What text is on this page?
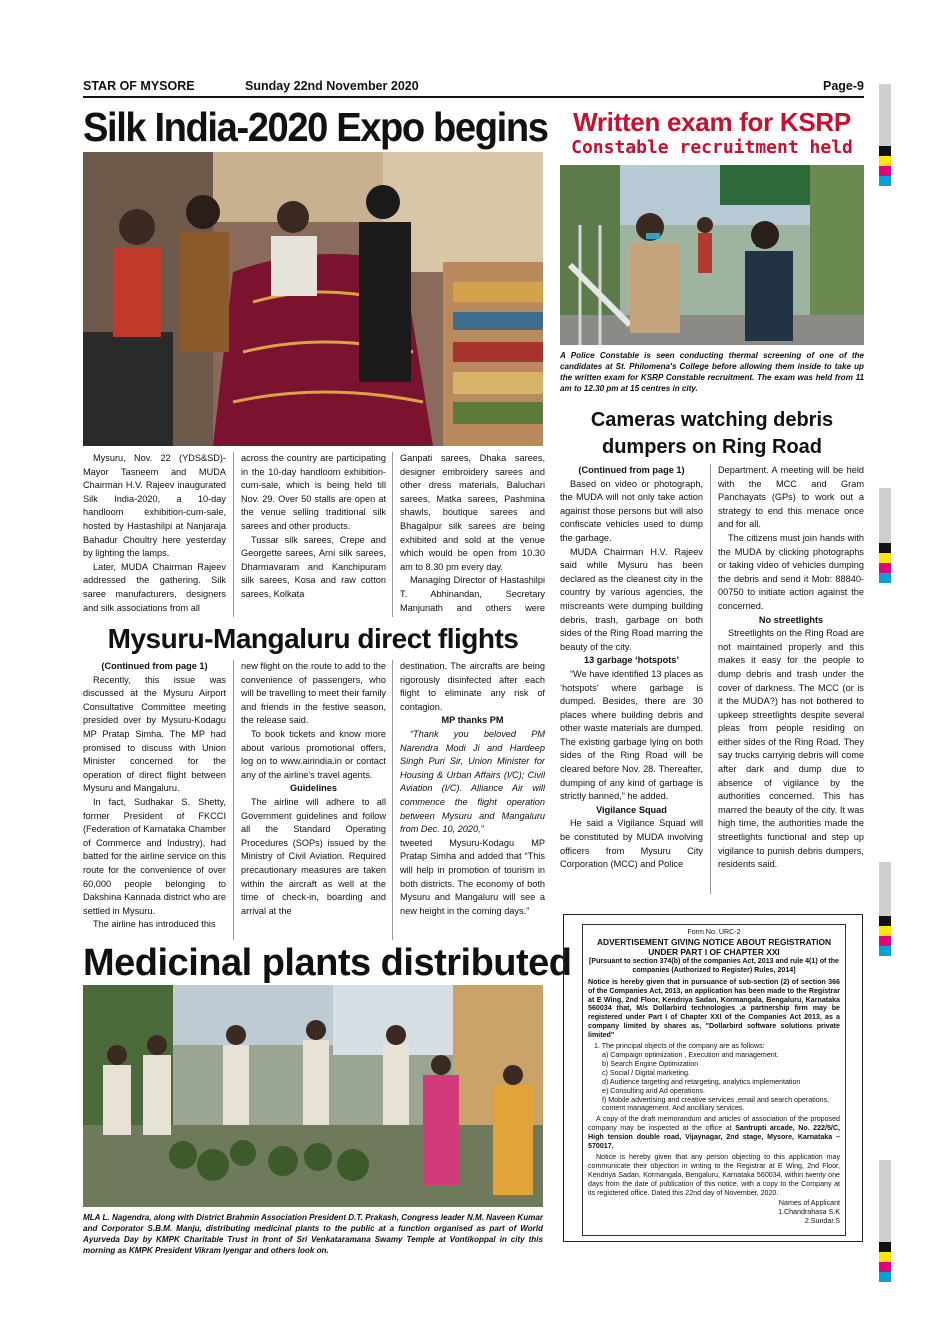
STAR OF MYSORE	Sunday 22nd November 2020	Page-9
Silk India-2020 Expo begins

Mysuru, Nov. 22 (YDS&SD)- Mayor Tasneem and MUDA Chairman H.V. Rajeev inaugurated Silk India-2020, a 10-day handloom exhibition-cum-sale, hosted by Hastashilpi at Nanjaraja Bahadur Choultry here yesterday by lighting the lamps.

Later, MUDA Chairman Rajeev addressed the gathering. Silk saree manufacturers, designers and silk associations from all

across the country are participating in the 10-day handloom exhibition-cum-sale, which is being held till Nov. 29. Over 50 stalls are open at the venue selling traditional silk sarees and other products.

Tussar silk sarees, Crepe and Georgette sarees, Arni silk sarees, Dharmavaram and Kanchipuram silk sarees, Kosa and raw cotton sarees, Kolkata

Ganpati sarees, Dhaka sarees, designer embroidery sarees and other dress materials, Baluchari sarees, Matka sarees, Pashmina shawls, boutique sarees and Bhagalpur silk sarees are being exhibited and sold at the venue which would be open from 10.30 am to 8.30 pm every day.

Managing Director of Hastashilpi T. Abhinandan, Secretary Manjunath and others were

Written exam for KSRP
Constable recruitment held
A Police Constable is seen conducting thermal screening of one of the candidates at St. Philomena's College before allowing them inside to take up the written exam for KSRP Constable recruitment. The exam was held from 11 am to 12.30 pm at 15 centres in city.
Cameras watching debris
dumpers on Ring Road

(Continued from page 1)

Based on video or photograph, the MUDA will not only take action against those persons but will also confiscate vehicles used to dump the garbage.

MUDA Chairman H.V. Rajeev said while Mysuru has been declared as the cleanest city in the country by various agencies, the miscreants were dumping building debris, trash, garbage on both sides of the Ring Road marring the beauty of the city.

13 garbage ‘hotspots’

“We have identified 13 places as ‘hotspots’ where garbage is dumped. Besides, there are 30 places where building debris and other waste materials are dumped. The existing garbage lying on both sides of the Ring Road will be cleared before Nov. 28. Thereafter, dumping of any kind of garbage is strictly banned,” he added.

Vigilance Squad

He said a Vigilance Squad will be constituted by MUDA involving officers from Mysuru City Corporation (MCC) and Police

Department. A meeting will be held with the MCC and Gram Panchayats (GPs) to work out a strategy to end this menace once and for all.

The citizens must join hands with the MUDA by clicking photographs or taking video of vehicles dumping the debris and send it Mob: 88840-00750 to initiate action against the concerned.

No streetlights

Streetlights on the Ring Road are not maintained properly and this makes it easy for the people to dump debris and trash under the cover of darkness. The MCC (or is it the MUDA?) has not bothered to upkeep streetlights despite several pleas from people residing on either sides of the Ring Road. They say trucks carrying debris will come after dark and dump due to absence of vigilance by the authorities concerned. This has marred the beauty of the city. It was high time, the authorities made the streetlights functional and step up vigilance to punish debris dumpers, residents said.

Mysuru-Mangaluru direct flights

(Continued from page 1)

Recently, this issue was discussed at the Mysuru Airport Consultative Committee meeting presided over by Mysuru-Kodagu MP Pratap Simha. The MP had promised to discuss with Union Minister concerned for the operation of direct flight between Mysuru and Mangaluru.

In fact, Sudhakar S. Shetty, former President of FKCCI (Federation of Karnataka Chamber of Commerce and Industry), had batted for the airline service on this route for the convenience of over 60,000 people belonging to Dakshina Kannada district who are settled in Mysuru.

The airline has introduced this

new flight on the route to add to the convenience of passengers, who will be travelling to meet their family and friends in the festive season, the release said.

To book tickets and know more about various promotional offers, log on to www.airindia.in or contact any of the airline's travel agents.

Guidelines

The airline will adhere to all Government guidelines and follow all the Standard Operating Procedures (SOPs) issued by the Ministry of Civil Aviation. Required precautionary measures are taken within the aircraft as well at the time of check-in, boarding and arrival at the

destination. The aircrafts are being rigorously disinfected after each flight to eliminate any risk of contagion.

MP thanks PM

“Thank you beloved PM Narendra Modi Ji and Hardeep Singh Puri Sir, Union Minister for Housing & Urban Affairs (I/C); Civil Aviation (I/C). Alliance Air will commence the flight operation between Mysuru and Mangaluru from Dec. 10, 2020,”

tweeted Mysuru-Kodagu MP Pratap Simha and added that “This will help in promotion of tourism in both districts. The economy of both Mysuru and Mangaluru will see a new height in the coming days.”

Medicinal plants distributed
MLA L. Nagendra, along with District Brahmin Association President D.T. Prakash, Congress leader N.M. Naveen Kumar and Corporator S.B.M. Manju, distributing medicinal plants to the public at a function organised as part of World Ayurveda Day by KMPK Charitable Trust in front of Sri Venkataramana Swamy Temple at Vontikoppal in city this morning as KMPK President Vikram Iyengar and others look on.
Form No. URC-2
ADVERTISEMENT GIVING NOTICE ABOUT REGISTRATION UNDER PART I OF CHAPTER XXI
[Pursuant to section 374(b) of the companies Act, 2013 and rule 4(1) of the companies (Authorized to Register) Rules, 2014]
Notice is hereby given that in pursuance of sub-section (2) of section 366 of the Companies Act, 2013, an application has been made to the Registrar at E Wing, 2nd Floor, Kendriya Sadan, Kormangala, Bengaluru, Karnataka 560034 that, M/s Dollarbird technologies ,a partnership firm may be registered under Part I of Chapter XXI of the Companies Act 2013, as a company limited by shares as, "Dollarbird software solutions private limited"
1. The principal objects of the company are as follows:
a) Campaign optimization , Execution and management.
b) Search Engine Optimization
c) Social / Digital marketing.
d) Audience targeting and retargeting, analytics implementation
e) Consulting and Ad operations.
f) Mobile advertising and creative services ,email and search operations, content management. And ancilliary services.
A copy of the draft memorandum and articles of association of the proposed company may be inspected at the office at Santrupti arcade, No. 222/5/C, High tension double road, Vijaynagar, 2nd stage, Mysore, Karnataka – 570017.
Notice is hereby given that any person objecting to this application may communicate their objection in writing to the Registrar at E Wing, 2nd Floor, Kendriya Sadan, Kormangala, Bengaluru, Karnataka 560034, within twenty one days from the date of publication of this notice, with a copy to the Company at its registered office. Dated this 22nd day of November, 2020.
Names of Applicant
1.Chandrahasa S.K
2.Sundar.S
